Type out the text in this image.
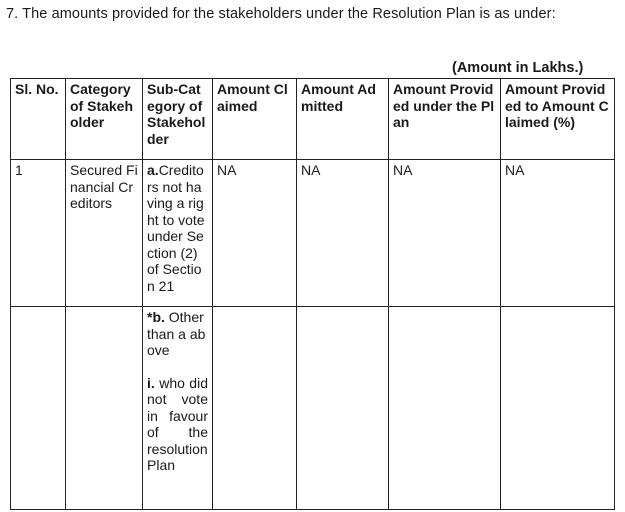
7. The amounts provided for the stakeholders under the Resolution Plan is as under:
(Amount in Lakhs.)
Sl. No.	Category of Stakeholder	Sub-Category of Stakeholder	Amount Claimed	Amount Admitted	Amount Provided under the Plan	Amount Provided to Amount Claimed (%)
1	Secured Financial Creditors	a.Creditors not having a right to vote under Section (2) of Section 21	NA	NA	NA	NA
		*b. Other than a above
i. who did not vote in favour of the resolution Plan				
